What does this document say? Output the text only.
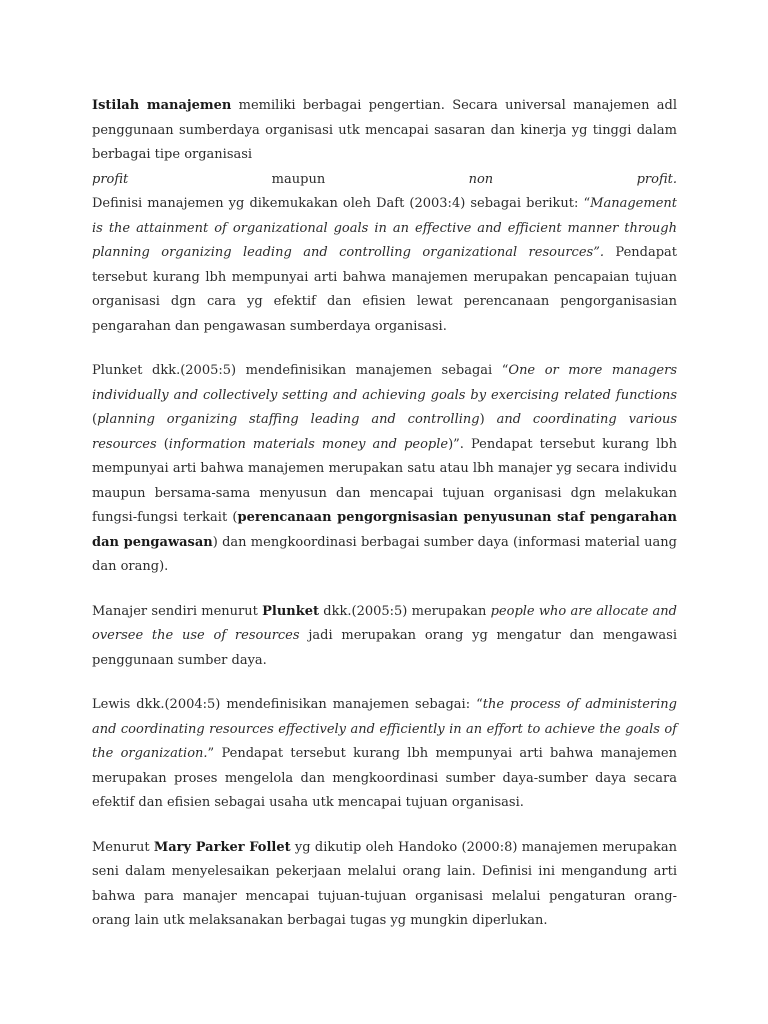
Istilah manajemen memiliki berbagai pengertian. Secara universal manajemen adl penggunaan sumberdaya organisasi utk mencapai sasaran dan kinerja yg tinggi dalam berbagai tipe organisasi
profit	maupun	non	profit.
Definisi manajemen yg dikemukakan oleh Daft (2003:4) sebagai berikut: “Management is the attainment of organizational goals in an effective and efficient manner through planning organizing leading and controlling organizational resources”. Pendapat tersebut kurang lbh mempunyai arti bahwa manajemen merupakan pencapaian tujuan organisasi dgn cara yg efektif dan efisien lewat perencanaan pengorganisasian pengarahan dan pengawasan sumberdaya organisasi.
Plunket dkk.(2005:5) mendefinisikan manajemen sebagai “One or more managers individually and collectively setting and achieving goals by exercising related functions (planning organizing staffing leading and controlling) and coordinating various resources (information materials money and people)”. Pendapat tersebut kurang lbh mempunyai arti bahwa manajemen merupakan satu atau lbh manajer yg secara individu maupun bersama-sama menyusun dan mencapai tujuan organisasi dgn melakukan fungsi-fungsi terkait (perencanaan pengorgnisasian penyusunan staf pengarahan dan pengawasan) dan mengkoordinasi berbagai sumber daya (informasi material uang dan orang).
Manajer sendiri menurut Plunket dkk.(2005:5) merupakan people who are allocate and oversee the use of resources jadi merupakan orang yg mengatur dan mengawasi penggunaan sumber daya.
Lewis dkk.(2004:5) mendefinisikan manajemen sebagai: “the process of administering and coordinating resources effectively and efficiently in an effort to achieve the goals of the organization.” Pendapat tersebut kurang lbh mempunyai arti bahwa manajemen merupakan proses mengelola dan mengkoordinasi sumber daya-sumber daya secara efektif dan efisien sebagai usaha utk mencapai tujuan organisasi.
Menurut Mary Parker Follet yg dikutip oleh Handoko (2000:8) manajemen merupakan seni dalam menyelesaikan pekerjaan melalui orang lain. Definisi ini mengandung arti bahwa para manajer mencapai tujuan-tujuan organisasi melalui pengaturan orang-orang lain utk melaksanakan berbagai tugas yg mungkin diperlukan.
